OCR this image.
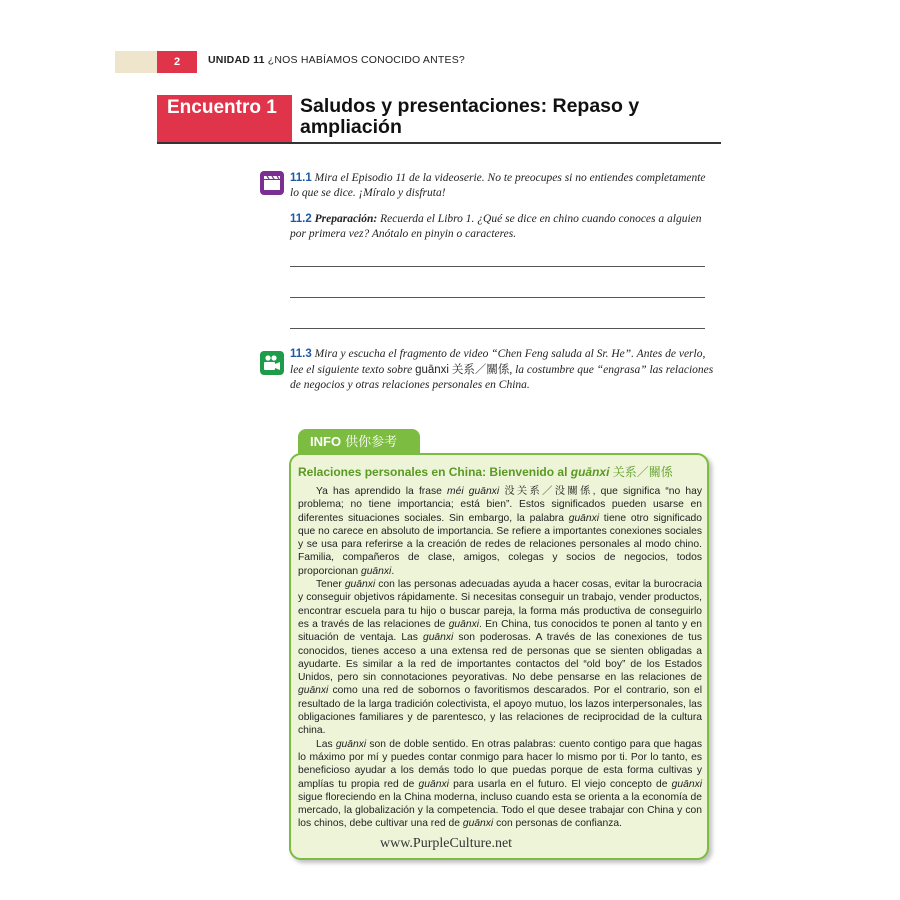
2	UNIDAD 11 ¿NOS HABÍAMOS CONOCIDO ANTES?
Encuentro 1	Saludos y presentaciones: Repaso y ampliación
11.1 Mira el Episodio 11 de la videoserie. No te preocupes si no entiendes completamente lo que se dice. ¡Míralo y disfruta!
11.2 Preparación: Recuerda el Libro 1. ¿Qué se dice en chino cuando conoces a alguien por primera vez? Anótalo en pinyin o caracteres.
11.3 Mira y escucha el fragmento de video “Chen Feng saluda al Sr. He”. Antes de verlo, lee el siguiente texto sobre guānxi 关系／關係, la costumbre que “engrasa” las relaciones de negocios y otras relaciones personales en China.
INFO 供你参考
Relaciones personales en China: Bienvenido al guānxi 关系／關係

Ya has aprendido la frase méi guānxi 没关系／没關係, que significa “no hay problema; no tiene importancia; está bien”. Estos significados pueden usarse en diferentes situaciones sociales. Sin embargo, la palabra guānxi tiene otro significado que no carece en absoluto de importancia. Se refiere a importantes conexiones sociales y se usa para referirse a la creación de redes de relaciones personales al modo chino. Familia, compañeros de clase, amigos, colegas y socios de negocios, todos proporcionan guānxi.

Tener guānxi con las personas adecuadas ayuda a hacer cosas, evitar la burocracia y conseguir objetivos rápidamente. Si necesitas conseguir un trabajo, vender productos, encontrar escuela para tu hijo o buscar pareja, la forma más productiva de conseguirlo es a través de las relaciones de guānxi. En China, tus conocidos te ponen al tanto y en situación de ventaja. Las guānxi son poderosas. A través de las conexiones de tus conocidos, tienes acceso a una extensa red de personas que se sienten obligadas a ayudarte. Es similar a la red de importantes contactos del “old boy” de los Estados Unidos, pero sin connotaciones peyorativas. No debe pensarse en las relaciones de guānxi como una red de sobornos o favoritismos descarados. Por el contrario, son el resultado de la larga tradición colectivista, el apoyo mutuo, los lazos interpersonales, las obligaciones familiares y de parentesco, y las relaciones de reciprocidad de la cultura china.

Las guānxi son de doble sentido. En otras palabras: cuento contigo para que hagas lo máximo por mí y puedes contar conmigo para hacer lo mismo por ti. Por lo tanto, es beneficioso ayudar a los demás todo lo que puedas porque de esta forma cultivas y amplías tu propia red de guānxi para usarla en el futuro. El viejo concepto de guānxi sigue floreciendo en la China moderna, incluso cuando esta se orienta a la economía de mercado, la globalización y la competencia. Todo el que desee trabajar con China y con los chinos, debe cultivar una red de guānxi con personas de confianza.

www.PurpleCulture.net
